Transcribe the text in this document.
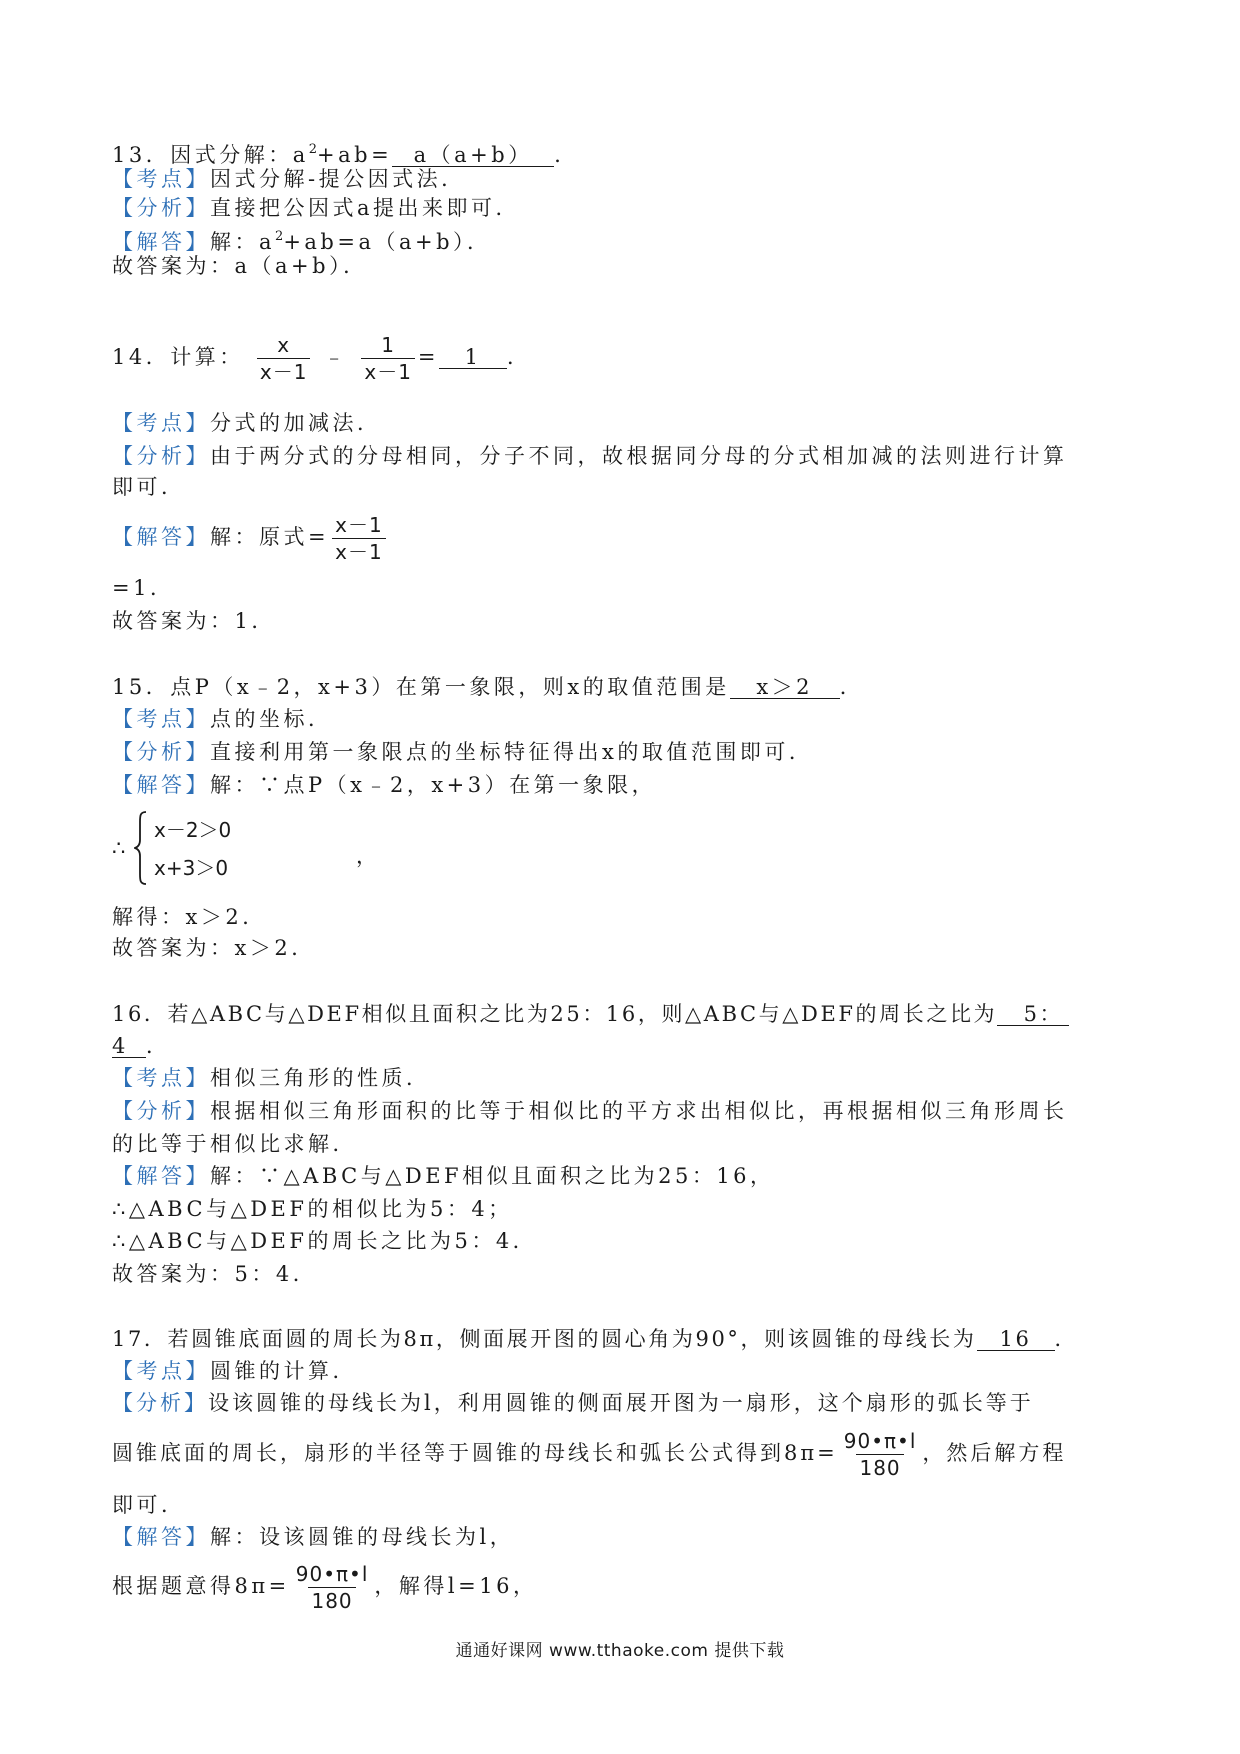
13．因式分解：$a^2+ab= a(a+b)$ ．
【考点】因式分解-提公因式法．
【分析】直接把公因式a提出来即可．
【解答】解：$a^2+ab=a(a+b)$．
故答案为：a（a+b）．
14．计算： $\frac{x}{x-1}$ ﹣ $\frac{1}{x-1} = 1$ ．
【考点】分式的加减法．
【分析】由于两分式的分母相同，分子不同，故根据同分母的分式相加减的法则进行计算
即可．
【解答】解：原式= $\frac{x-1}{x-1}$
=1．
故答案为：1．
15．点P（x﹣2，x+3）在第一象限，则x的取值范围是 x＞2 ．
【考点】点的坐标．
【分析】直接利用第一象限点的坐标特征得出x的取值范围即可．
【解答】解：∵点P（x﹣2，x+3）在第一象限，
∴
x－2＞0
x+3＞0	，
解得：x＞2．
故答案为：x＞2．
16．若△ABC与△DEF相似且面积之比为25：16，则△ABC与△DEF的周长之比为 5：
4 ．
【考点】相似三角形的性质．
【分析】根据相似三角形面积的比等于相似比的平方求出相似比，再根据相似三角形周长
的比等于相似比求解．
【解答】解：∵△ABC与△DEF相似且面积之比为25：16，
∴△ABC与△DEF的相似比为5：4；
∴△ABC与△DEF的周长之比为5：4．
故答案为：5：4．
17．若圆锥底面圆的周长为8π，侧面展开图的圆心角为90°，则该圆锥的母线长为 16 ．
【考点】圆锥的计算．
【分析】设该圆锥的母线长为l，利用圆锥的侧面展开图为一扇形，这个扇形的弧长等于
圆锥底面的周长，扇形的半径等于圆锥的母线长和弧长公式得到$8\pi= \frac{90•\pi•l}{180}$ ，然后解方程
即可．
【解答】解：设该圆锥的母线长为l，
根据题意得$8\pi= \frac{90•\pi•l}{180}$ ，解得l=16，
通通好课网 www.tthaoke.com 提供下载
